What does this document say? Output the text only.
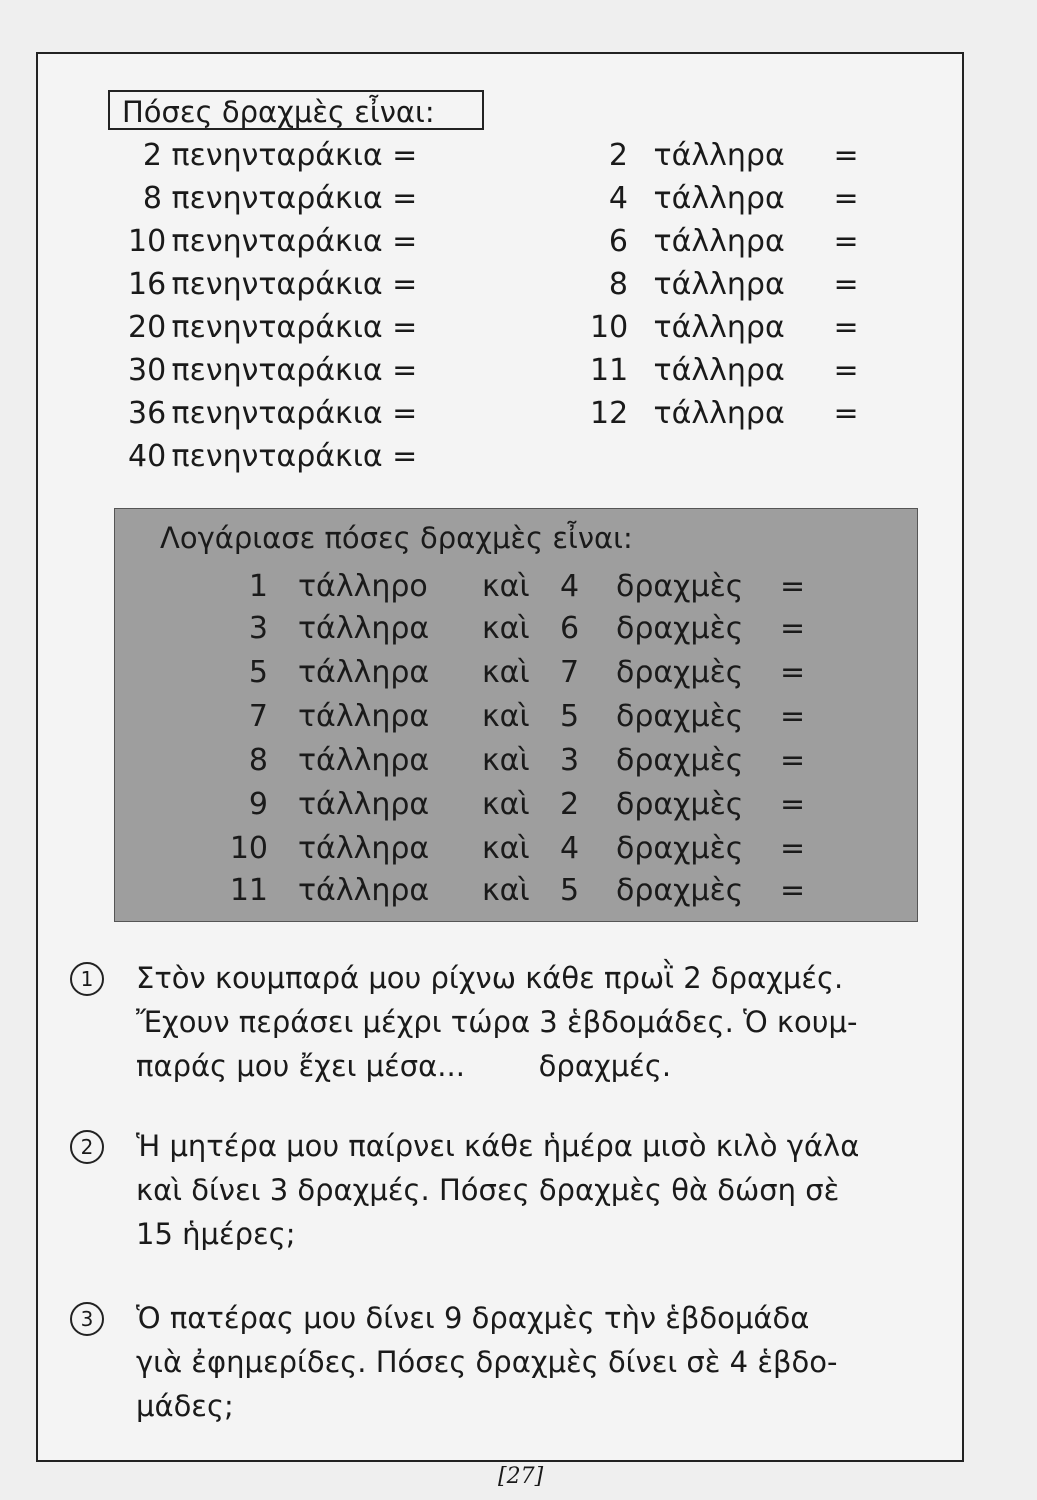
Πόσες δραχμὲς εἶναι:
2 πενηνταράκια =
8 πενηνταράκια =
10 πενηνταράκια =
16 πενηνταράκια =
20 πενηνταράκια =
30 πενηνταράκια =
36 πενηνταράκια =
40 πενηνταράκια =
2 τάλληρα =
4 τάλληρα =
6 τάλληρα =
8 τάλληρα =
10 τάλληρα =
11 τάλληρα =
12 τάλληρα =
Λογάριασε πόσες δραχμὲς εἶναι:
1 τάλληρο καὶ 4 δραχμὲς =
3 τάλληρα καὶ 6 δραχμὲς =
5 τάλληρα καὶ 7 δραχμὲς =
7 τάλληρα καὶ 5 δραχμὲς =
8 τάλληρα καὶ 3 δραχμὲς =
9 τάλληρα καὶ 2 δραχμὲς =
10 τάλληρα καὶ 4 δραχμὲς =
11 τάλληρα καὶ 5 δραχμὲς =
1	Στὸν κουμπαρά μου ρίχνω κάθε πρωῒ 2 δραχμές.
Ἔχουν περάσει μέχρι τώρα 3 ἑβδομάδες. Ὁ κουμ-
παράς μου ἔχει μέσα...        δραχμές.
2	Ἡ μητέρα μου παίρνει κάθε ἡμέρα μισὸ κιλὸ γάλα
καὶ δίνει 3 δραχμές. Πόσες δραχμὲς θὰ δώση σὲ
15 ἡμέρες;
3	Ὁ πατέρας μου δίνει 9 δραχμὲς τὴν ἑβδομάδα
γιὰ ἐφημερίδες. Πόσες δραχμὲς δίνει σὲ 4 ἑβδο-
μάδες;
[27]
